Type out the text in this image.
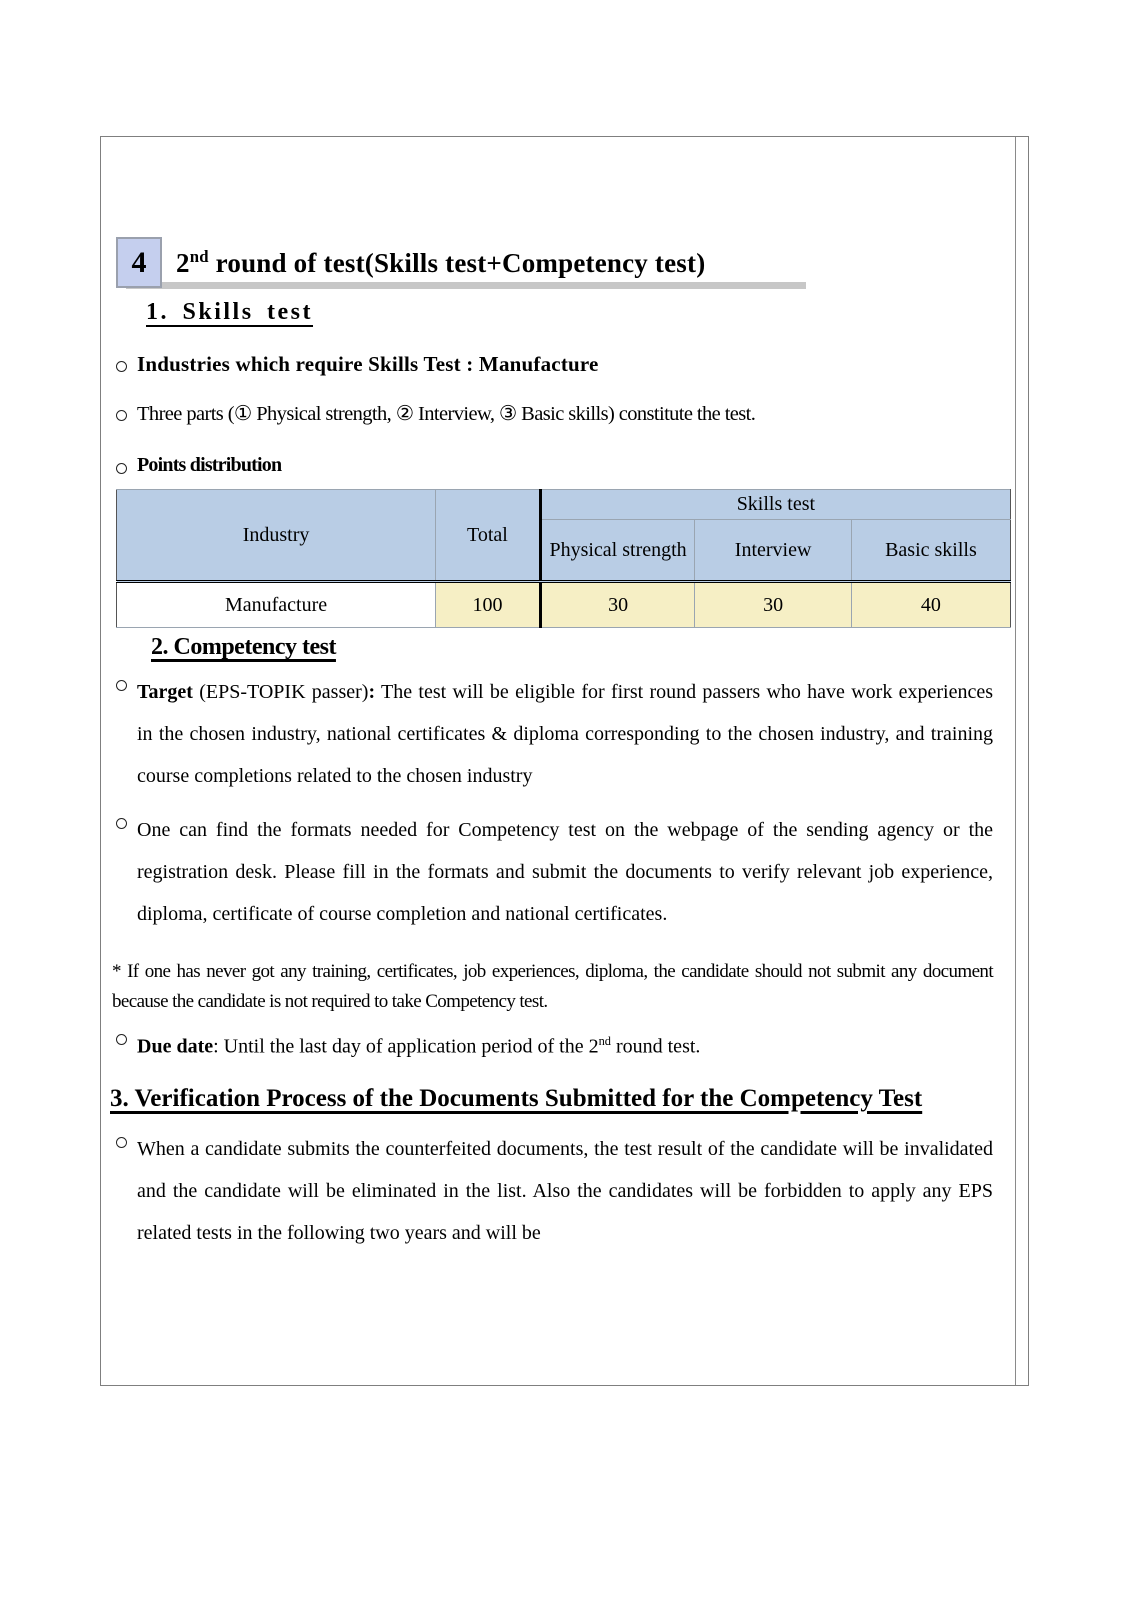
4 2nd round of test(Skills test+Competency test)
1. Skills test
Industries which require Skills Test : Manufacture
Three parts (① Physical strength, ② Interview, ③ Basic skills) constitute the test.
Points distribution
Industry	Total	Skills test		
		Physical strength	Interview	Basic skills
Manufacture	100	30	30	40
2. Competency test
Target (EPS-TOPIK passer): The test will be eligible for first round passers who have work experiences in the chosen industry, national certificates & diploma corresponding to the chosen industry, and training course completions related to the chosen industry
One can find the formats needed for Competency test on the webpage of the sending agency or the registration desk. Please fill in the formats and submit the documents to verify relevant job experience, diploma, certificate of course completion and national certificates.
* If one has never got any training, certificates, job experiences, diploma, the candidate should not submit any document because the candidate is not required to take Competency test.
Due date: Until the last day of application period of the 2nd round test.
3. Verification Process of the Documents Submitted for the Competency Test
When a candidate submits the counterfeited documents, the test result of the candidate will be invalidated and the candidate will be eliminated in the list. Also the candidates will be forbidden to apply any EPS related tests in the following two years and will be
